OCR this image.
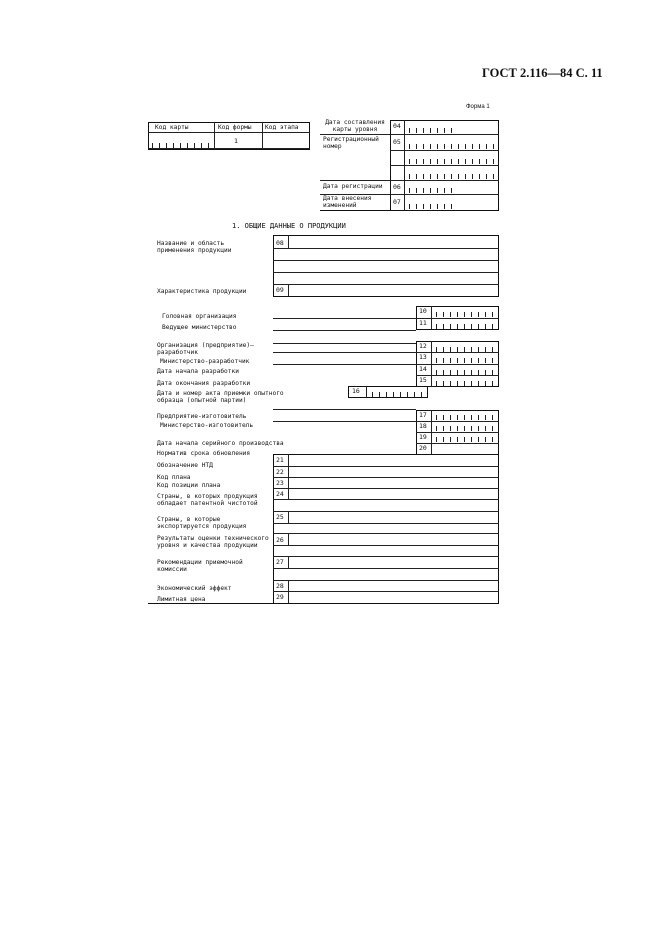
ГОСТ 2.116—84 С. 11
Форма 1
Код карты	Код формы Код этапа
1
Дата составления карты уровня
Регистрационный номер
Дата регистрации
Дата внесения изменений
04
05
06
07
1. ОБЩИЕ ДАННЫЕ О ПРОДУКЦИИ
Название и область применения продукции
08
Характеристика продукции	09
Головная организация
Ведущее министерство
10
11
Организация (предприятие)–разработчик
Министерство-разработчик
Дата начала разработки
Дата окончания разработки
12
13
14
15
Дата и номер акта приемки опытного образца (опытной партии)
16
Предприятие-изготовитель
Министерство-изготовитель
Дата начала серийного производства
Норматив срока обновления
17
18
19
20
21
22
23
24
25
26
27
28
29
Обозначение НТД
Код плана
Код позиции плана
Страны, в которых продукция обладает патентной чистотой
Страны, в которые экспортируется продукция
Результаты оценки технического уровня и качества продукции
Рекомендации приемочной комиссии
Экономический эффект
Лимитная цена
